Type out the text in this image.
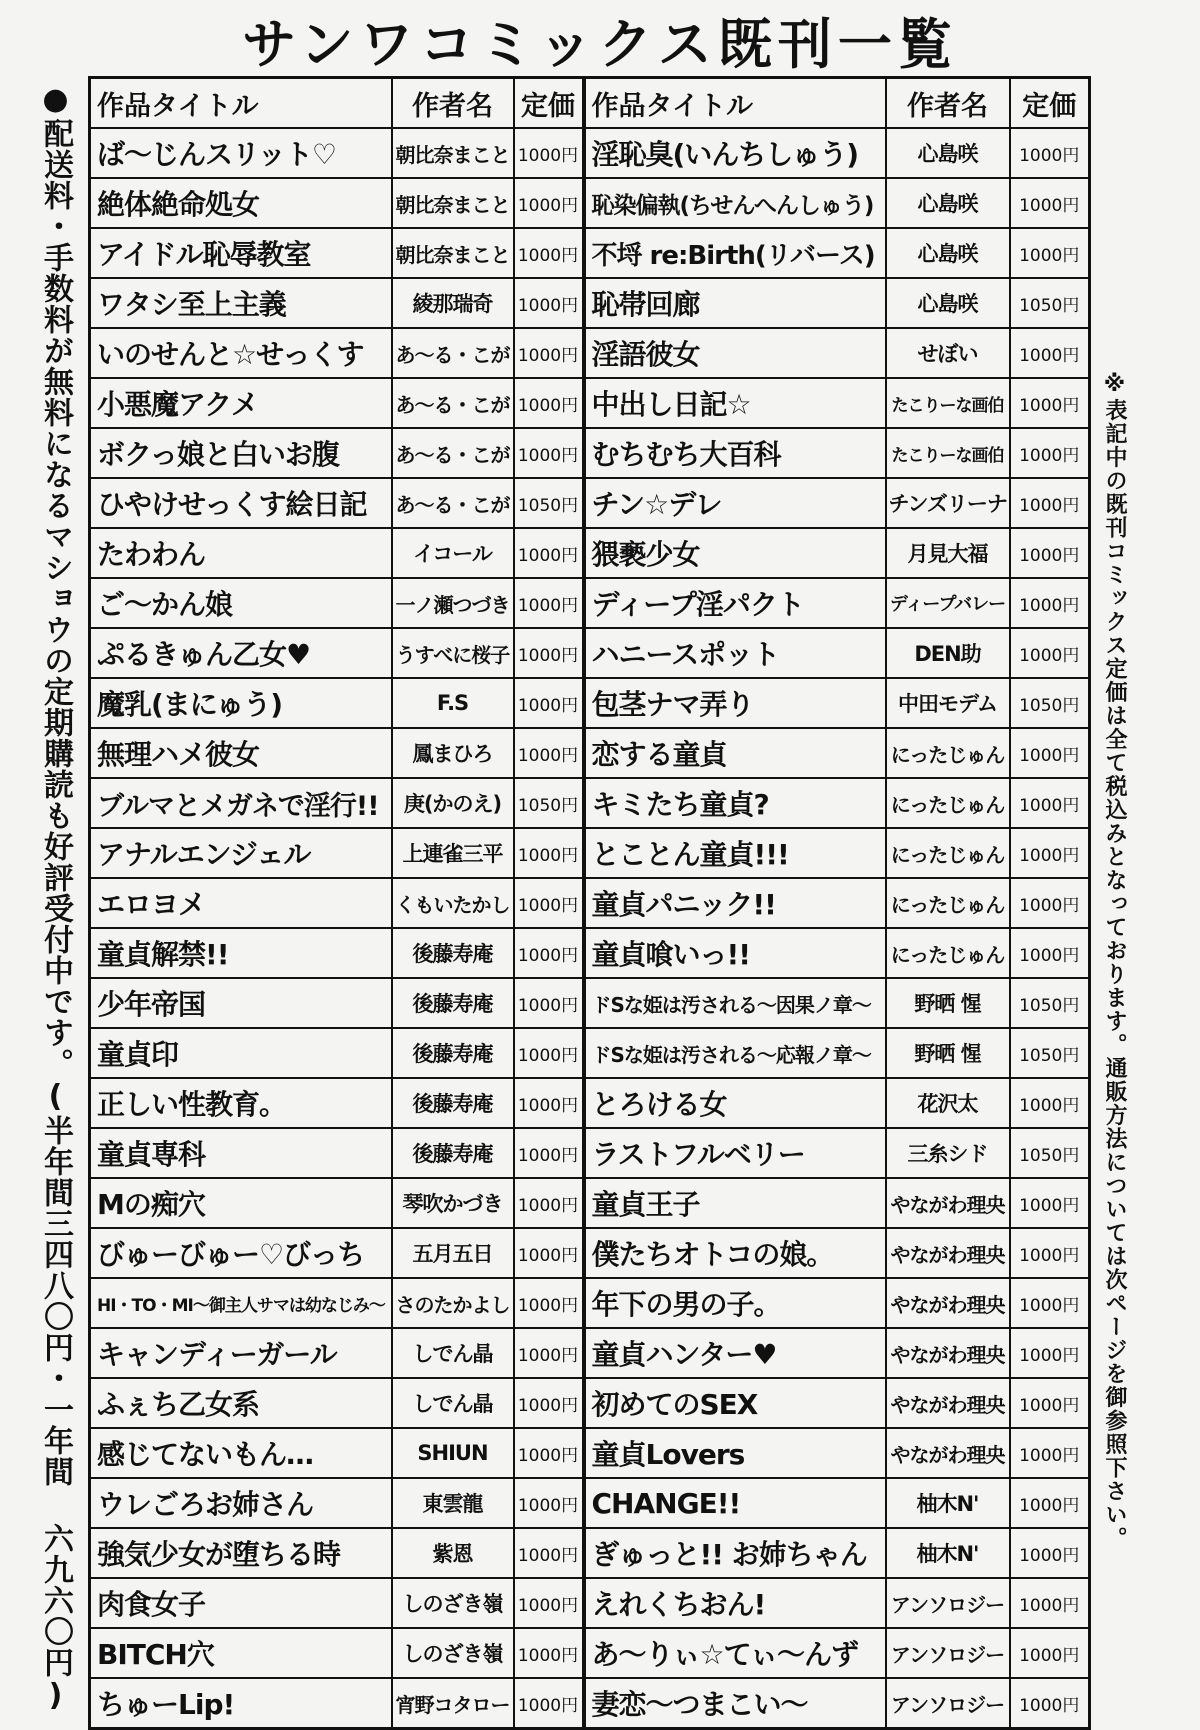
サンワコミックス既刊一覧
●配送料・手数料が無料になるマショウの定期購読も好評受付中です。(半年間三四八〇円・一年間 六九六〇円) 作品タイトル	作者名	定価	作品タイトル	作者名	定価
ば～じんスリット♡	朝比奈まこと	1000円	淫恥臭(いんちしゅう)	心島咲	1000円
絶体絶命処女	朝比奈まこと	1000円	恥染偏執(ちせんへんしゅう)	心島咲	1000円
アイドル恥辱教室	朝比奈まこと	1000円	不埒 re:Birth(リバース)	心島咲	1000円
ワタシ至上主義	綾那瑞奇	1000円	恥帯回廊	心島咲	1050円
いのせんと☆せっくす	あ～る・こが	1000円	淫語彼女	せぼい	1000円
小悪魔アクメ	あ～る・こが	1000円	中出し日記☆	たこりーな画伯	1000円
ボクっ娘と白いお腹	あ～る・こが	1000円	むちむち大百科	たこりーな画伯	1000円
ひやけせっくす絵日記	あ～る・こが	1050円	チン☆デレ	チンズリーナ	1000円
たわわん	イコール	1000円	猥褻少女	月見大福	1000円
ご～かん娘	一ノ瀬つづき	1000円	ディープ淫パクト	ディープバレー	1000円
ぷるきゅん乙女♥	うすべに桜子	1000円	ハニースポット	DEN助	1000円
魔乳(まにゅう)	F.S	1000円	包茎ナマ弄り	中田モデム	1050円
無理ハメ彼女	鳳まひろ	1000円	恋する童貞	にったじゅん	1000円
ブルマとメガネで淫行!!	庚(かのえ)	1050円	キミたち童貞?	にったじゅん	1000円
アナルエンジェル	上連雀三平	1000円	とことん童貞!!!	にったじゅん	1000円
エロヨメ	くもいたかし	1000円	童貞パニック!!	にったじゅん	1000円
童貞解禁!!	後藤寿庵	1000円	童貞喰いっ!!	にったじゅん	1000円
少年帝国	後藤寿庵	1000円	ドSな姫は汚される～因果ノ章～	野晒 惺	1050円
童貞印	後藤寿庵	1000円	ドSな姫は汚される～応報ノ章～	野晒 惺	1050円
正しい性教育。	後藤寿庵	1000円	とろける女	花沢太	1000円
童貞専科	後藤寿庵	1000円	ラストフルベリー	三糸シド	1050円
Mの痴穴	琴吹かづき	1000円	童貞王子	やながわ理央	1000円
びゅーびゅー♡びっち	五月五日	1000円	僕たちオトコの娘。	やながわ理央	1000円
HI・TO・MI～御主人サマは幼なじみ～	さのたかよし	1000円	年下の男の子。	やながわ理央	1000円
キャンディーガール	しでん晶	1000円	童貞ハンター♥	やながわ理央	1000円
ふぇち乙女系	しでん晶	1000円	初めてのSEX	やながわ理央	1000円
感じてないもん…	SHIUN	1000円	童貞Lovers	やながわ理央	1000円
ウレごろお姉さん	東雲龍	1000円	CHANGE!!	柚木N'	1000円
強気少女が堕ちる時	紫恩	1000円	ぎゅっと!! お姉ちゃん	柚木N'	1000円
肉食女子	しのざき嶺	1000円	えれくちおん!	アンソロジー	1000円
BITCH穴	しのざき嶺	1000円	あ～りぃ☆てぃ～んず	アンソロジー	1000円
ちゅーLip!	宵野コタロー	1000円	妻恋～つまこい～	アンソロジー	1000円
※表記中の既刊コミックス定価は全て税込みとなっております。通販方法については次ページを御参照下さい。
